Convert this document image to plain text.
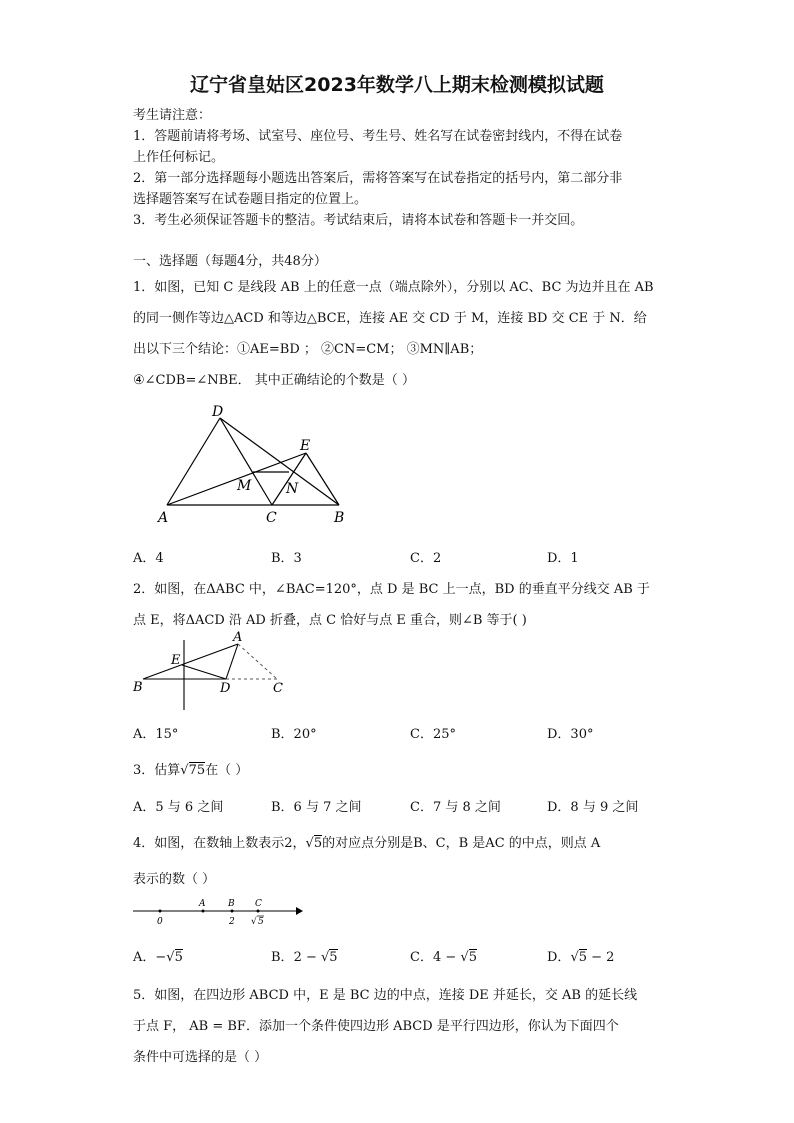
辽宁省皇姑区2023年数学八上期末检测模拟试题
考生请注意：
1．答题前请将考场、试室号、座位号、考生号、姓名写在试卷密封线内，不得在试卷
上作任何标记。
2．第一部分选择题每小题选出答案后，需将答案写在试卷指定的括号内，第二部分非
选择题答案写在试卷题目指定的位置上。
3．考生必须保证答题卡的整洁。考试结束后，请将本试卷和答题卡一并交回。
一、选择题（每题4分，共48分）
1．如图，已知 C 是线段 AB 上的任意一点（端点除外），分别以 AC、BC 为边并且在 AB
的同一侧作等边△ACD 和等边△BCE，连接 AE 交 CD 于 M，连接 BD 交 CE 于 N．给
出以下三个结论：①AE=BD ； ②CN=CM； ③MN∥AB；
④∠CDB=∠NBE． 其中正确结论的个数是（ ）
D
E
M N
A	C	B
A．4	B．3	C．2	D．1
2．如图，在ΔABC 中，∠BAC=120°，点 D 是 BC 上一点，BD 的垂直平分线交 AB 于
点 E，将ΔACD 沿 AD 折叠，点 C 恰好与点 E 重合，则∠B 等于( )
A
E
B	D	C
A．15°	B．20°	C．25°	D．30°
3．估算√75在（ ）
A．5 与 6 之间	B．6 与 7 之间	C．7 与 8 之间	D．8 与 9 之间
4．如图，在数轴上数表示2，√5的对应点分别是B、C，B 是AC 的中点，则点 A
表示的数（ ）
0
A	B
2
C
√ 5
A．−√5	B．2 − √5	C．4 − √5	D．√5 − 2
5．如图，在四边形 ABCD 中，E 是 BC 边的中点，连接 DE 并延长，交 AB 的延长线
于点 F， AB = BF．添加一个条件使四边形 ABCD 是平行四边形，你认为下面四个
条件中可选择的是（ ）
